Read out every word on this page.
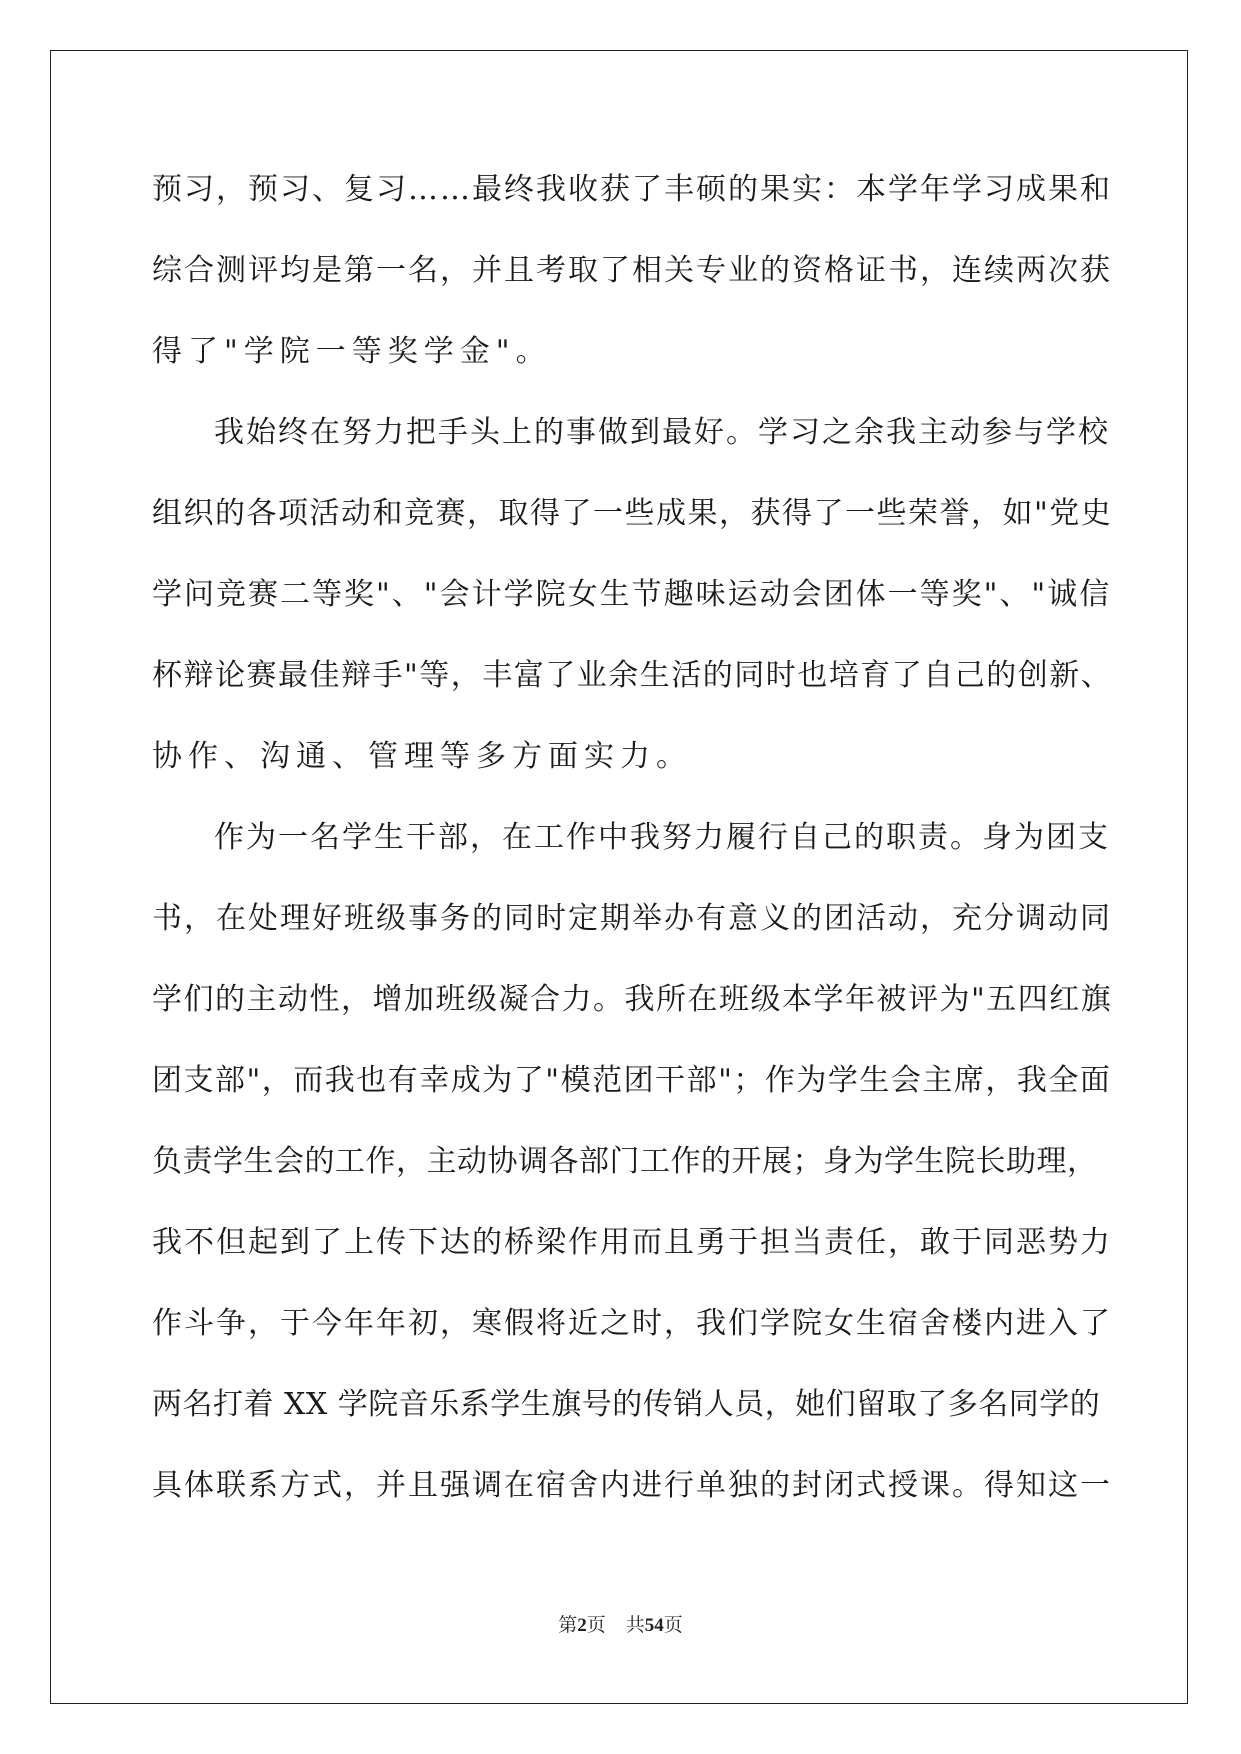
预习，预习、复习……最终我收获了丰硕的果实：本学年学习成果和
综合测评均是第一名，并且考取了相关专业的资格证书，连续两次获
得了"学院一等奖学金"。
我始终在努力把手头上的事做到最好。学习之余我主动参与学校
组织的各项活动和竞赛，取得了一些成果，获得了一些荣誉，如"党史
学问竞赛二等奖"、"会计学院女生节趣味运动会团体一等奖"、"诚信
杯辩论赛最佳辩手"等，丰富了业余生活的同时也培育了自己的创新、
协作、沟通、管理等多方面实力。
作为一名学生干部，在工作中我努力履行自己的职责。身为团支
书，在处理好班级事务的同时定期举办有意义的团活动，充分调动同
学们的主动性，增加班级凝合力。我所在班级本学年被评为"五四红旗
团支部"，而我也有幸成为了"模范团干部"；作为学生会主席，我全面
负责学生会的工作，主动协调各部门工作的开展；身为学生院长助理，
我不但起到了上传下达的桥梁作用而且勇于担当责任，敢于同恶势力
作斗争，于今年年初，寒假将近之时，我们学院女生宿舍楼内进入了
两名打着 XX 学院音乐系学生旗号的传销人员，她们留取了多名同学的
具体联系方式，并且强调在宿舍内进行单独的封闭式授课。得知这一
第2页 共54页
